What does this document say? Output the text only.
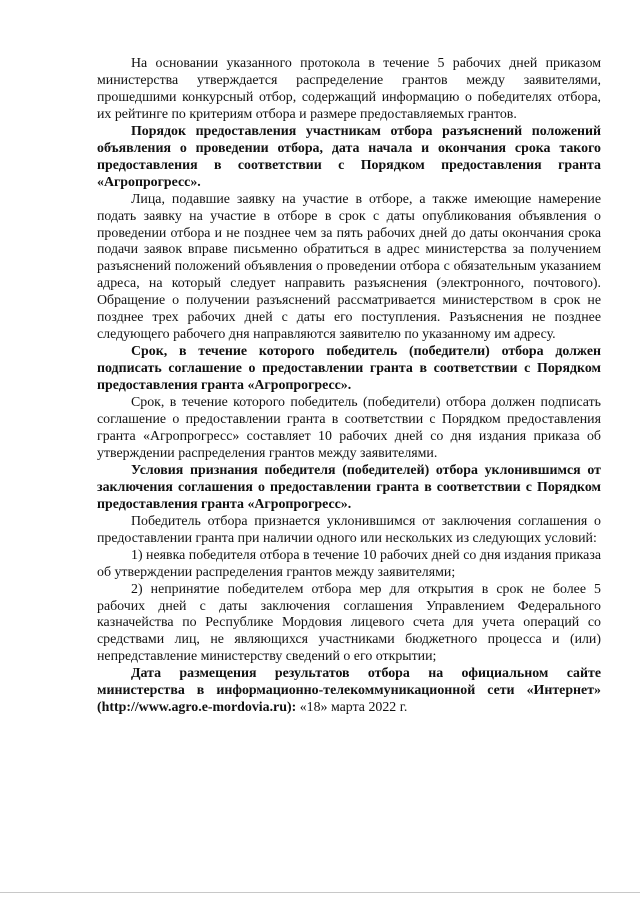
На основании указанного протокола в течение 5 рабочих дней приказом министерства утверждается распределение грантов между заявителями, прошедшими конкурсный отбор, содержащий информацию о победителях отбора, их рейтинге по критериям отбора и размере предоставляемых грантов.

Порядок предоставления участникам отбора разъяснений положений объявления о проведении отбора, дата начала и окончания срока такого предоставления в соответствии с Порядком предоставления гранта «Агропрогресс».

Лица, подавшие заявку на участие в отборе, а также имеющие намерение подать заявку на участие в отборе в срок с даты опубликования объявления о проведении отбора и не позднее чем за пять рабочих дней до даты окончания срока подачи заявок вправе письменно обратиться в адрес министерства за получением разъяснений положений объявления о проведении отбора с обязательным указанием адреса, на который следует направить разъяснения (электронного, почтового). Обращение о получении разъяснений рассматривается министерством в срок не позднее трех рабочих дней с даты его поступления. Разъяснения не позднее следующего рабочего дня направляются заявителю по указанному им адресу.

Срок, в течение которого победитель (победители) отбора должен подписать соглашение о предоставлении гранта в соответствии с Порядком предоставления гранта «Агропрогресс».

Срок, в течение которого победитель (победители) отбора должен подписать соглашение о предоставлении гранта в соответствии с Порядком предоставления гранта «Агропрогресс» составляет 10 рабочих дней со дня издания приказа об утверждении распределения грантов между заявителями.

Условия признания победителя (победителей) отбора уклонившимся от заключения соглашения о предоставлении гранта в соответствии с Порядком предоставления гранта «Агропрогресс».

Победитель отбора признается уклонившимся от заключения соглашения о предоставлении гранта при наличии одного или нескольких из следующих условий:

1) неявка победителя отбора в течение 10 рабочих дней со дня издания приказа об утверждении распределения грантов между заявителями;

2) непринятие победителем отбора мер для открытия в срок не более 5 рабочих дней с даты заключения соглашения Управлением Федерального казначейства по Республике Мордовия лицевого счета для учета операций со средствами лиц, не являющихся участниками бюджетного процесса и (или) непредставление министерству сведений о его открытии;

Дата размещения результатов отбора на официальном сайте министерства в информационно-телекоммуникационной сети «Интернет» (http://www.agro.e-mordovia.ru): «18» марта 2022 г.
